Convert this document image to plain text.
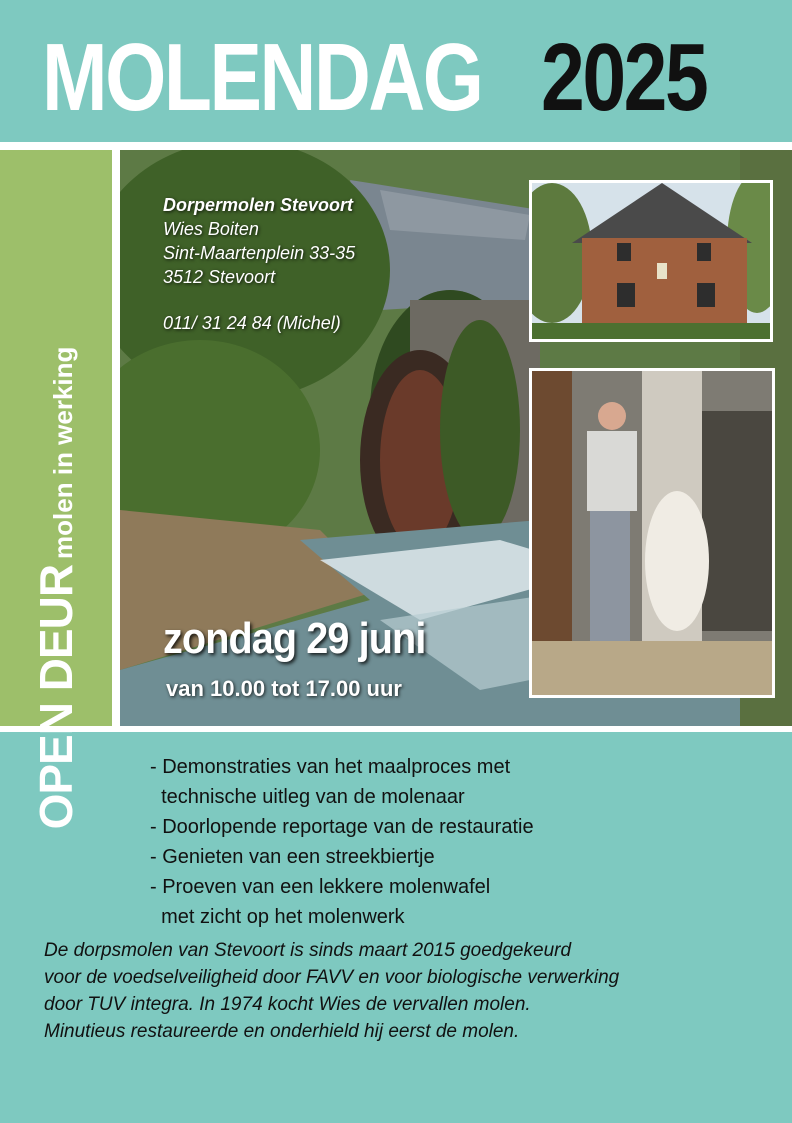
MOLENDAG 2025
OPEN DEURmolen in werking
Dorpermolen Stevoort
Wies Boiten
Sint-Maartenplein 33-35
3512 Stevoort
011/ 31 24 84 (Michel)
zondag 29 juni
van 10.00 tot 17.00 uur
- Demonstraties van het maalproces met
technische uitleg van de molenaar
- Doorlopende reportage van de restauratie
- Genieten van een streekbiertje
- Proeven van een lekkere molenwafel
met zicht op het molenwerk
De dorpsmolen van Stevoort is sinds maart 2015 goedgekeurd
voor de voedselveiligheid door FAVV en voor biologische verwerking
door TUV integra. In 1974 kocht Wies de vervallen molen.
Minutieus restaureerde en onderhield hij eerst de molen.
